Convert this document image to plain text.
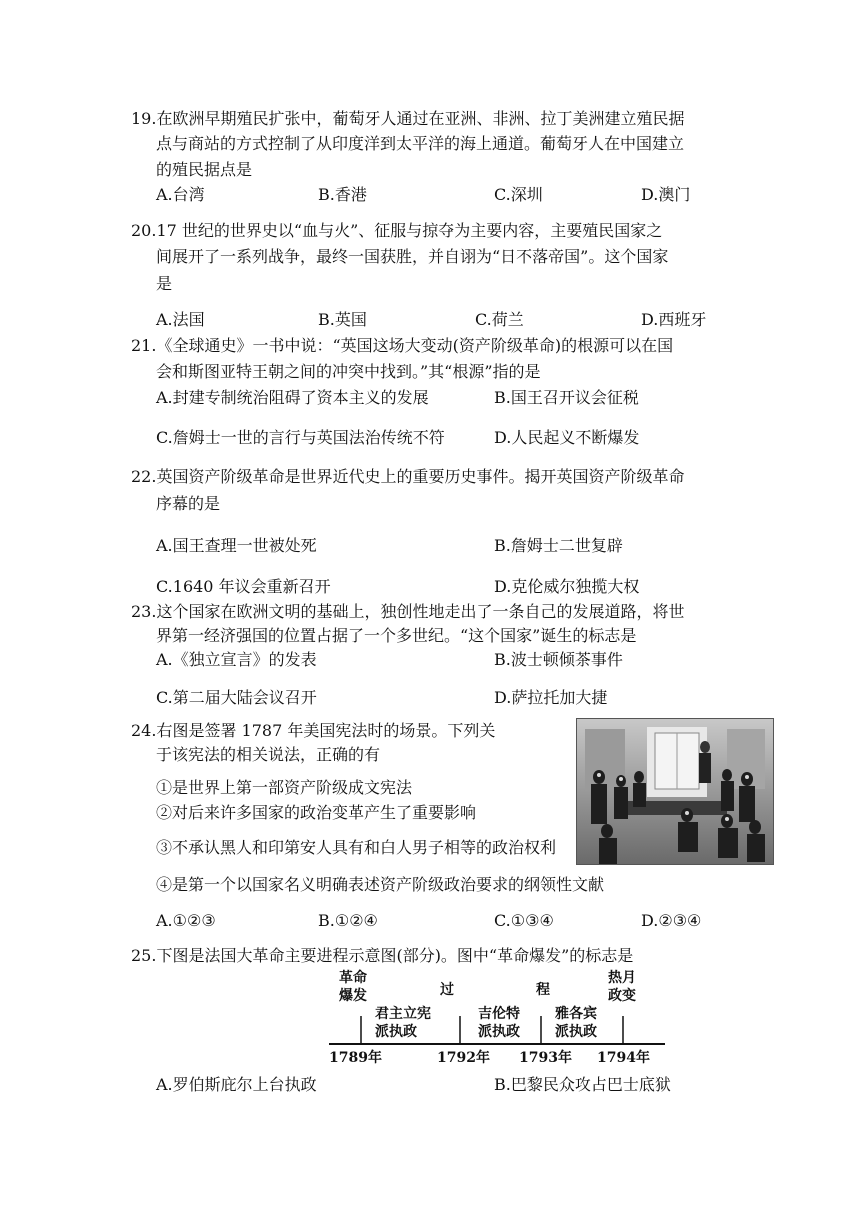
19.在欧洲早期殖民扩张中，葡萄牙人通过在亚洲、非洲、拉丁美洲建立殖民据
点与商站的方式控制了从印度洋到太平洋的海上通道。葡萄牙人在中国建立
的殖民据点是
A.台湾	B.香港	C.深圳	D.澳门
20.17 世纪的世界史以“血与火”、征服与掠夺为主要内容，主要殖民国家之
间展开了一系列战争，最终一国获胜，并自诩为“日不落帝国”。这个国家
是
A.法国	B.英国	C.荷兰	D.西班牙
21.《全球通史》一书中说：“英国这场大变动(资产阶级革命)的根源可以在国
会和斯图亚特王朝之间的冲突中找到。”其“根源”指的是
A.封建专制统治阻碍了资本主义的发展	B.国王召开议会征税
C.詹姆士一世的言行与英国法治传统不符	D.人民起义不断爆发
22.英国资产阶级革命是世界近代史上的重要历史事件。揭开英国资产阶级革命
序幕的是
A.国王查理一世被处死	B.詹姆士二世复辟
C.1640 年议会重新召开	D.克伦威尔独揽大权
23.这个国家在欧洲文明的基础上，独创性地走出了一条自己的发展道路，将世
界第一经济强国的位置占据了一个多世纪。“这个国家”诞生的标志是
A.《独立宣言》的发表	B.波士顿倾茶事件
C.第二届大陆会议召开	D.萨拉托加大捷
24.右图是签署 1787 年美国宪法时的场景。下列关
于该宪法的相关说法，正确的有
①是世界上第一部资产阶级成文宪法
②对后来许多国家的政治变革产生了重要影响
③不承认黑人和印第安人具有和白人男子相等的政治权利
④是第一个以国家名义明确表述资产阶级政治要求的纲领性文献
A.①②③	B.①②④	C.①③④	D.②③④
25.下图是法国大革命主要进程示意图(部分)。图中“革命爆发”的标志是
革命
爆发	过	程
热月
政变
君主立宪
派执政
吉伦特
派执政
雅各宾
派执政
1789年	1792年 1793年 1794年
A.罗伯斯庇尔上台执政	B.巴黎民众攻占巴士底狱
